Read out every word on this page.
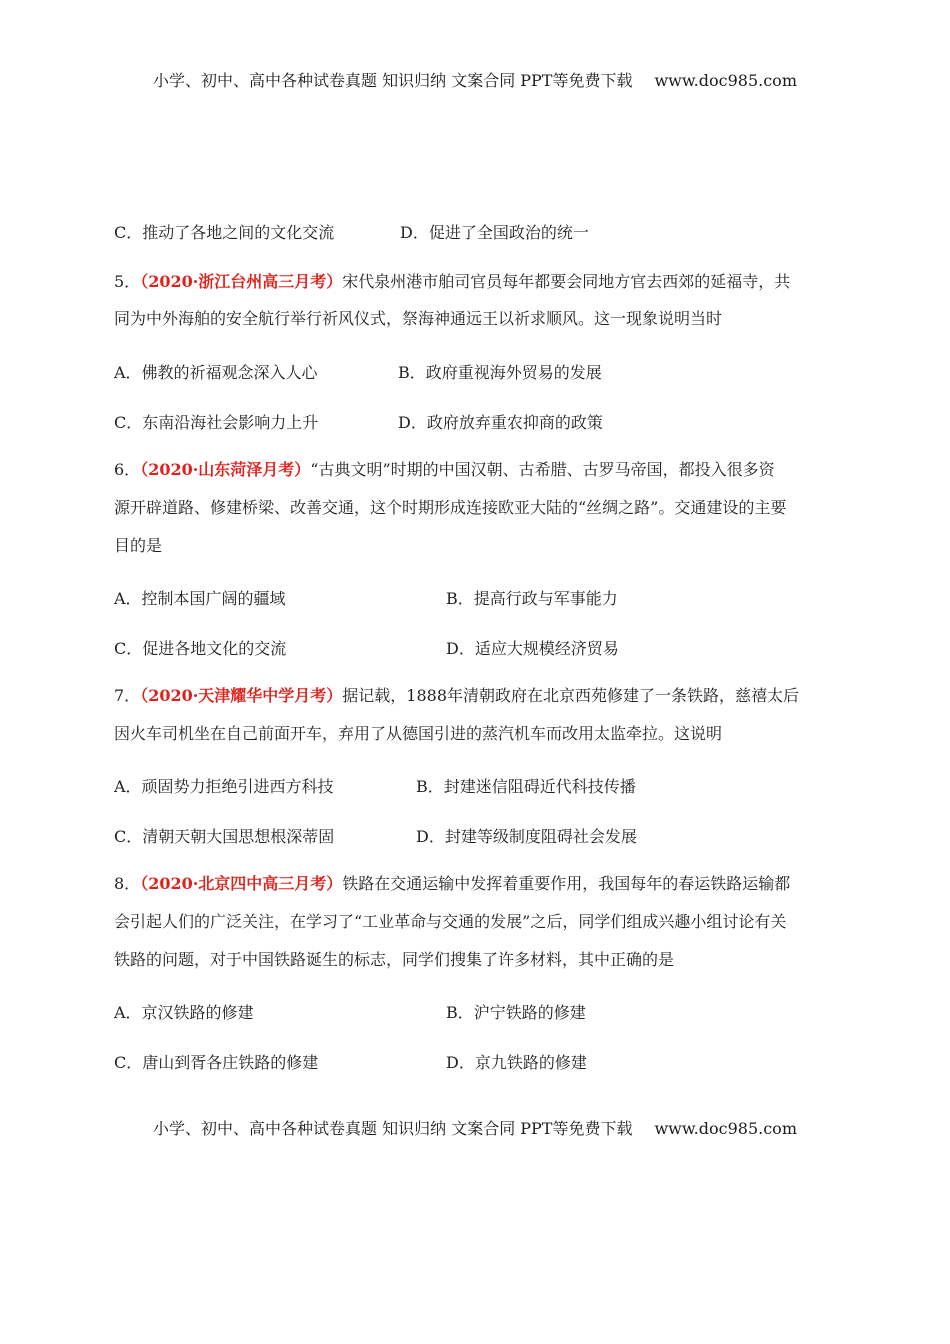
小学、初中、高中各种试卷真题 知识归纳 文案合同 PPT等免费下载 www.doc985.com
C．推动了各地之间的文化交流	D．促进了全国政治的统一
5．（2020·浙江台州高三月考）宋代泉州港市舶司官员每年都要会同地方官去西郊的延福寺，共
同为中外海舶的安全航行举行祈风仪式，祭海神通远王以祈求顺风。这一现象说明当时
A．佛教的祈福观念深入人心	B．政府重视海外贸易的发展
C．东南沿海社会影响力上升	D．政府放弃重农抑商的政策
6．（2020·山东菏泽月考）“古典文明”时期的中国汉朝、古希腊、古罗马帝国，都投入很多资
源开辟道路、修建桥梁、改善交通，这个时期形成连接欧亚大陆的“丝绸之路”。交通建设的主要
目的是
A．控制本国广阔的疆域	B．提高行政与军事能力
C．促进各地文化的交流	D．适应大规模经济贸易
7．（2020·天津耀华中学月考）据记载，1888年清朝政府在北京西苑修建了一条铁路，慈禧太后
因火车司机坐在自己前面开车，弃用了从德国引进的蒸汽机车而改用太监牵拉。这说明
A．顽固势力拒绝引进西方科技	B．封建迷信阻碍近代科技传播
C．清朝天朝大国思想根深蒂固	D．封建等级制度阻碍社会发展
8．（2020·北京四中高三月考）铁路在交通运输中发挥着重要作用，我国每年的春运铁路运输都
会引起人们的广泛关注，在学习了“工业革命与交通的发展”之后，同学们组成兴趣小组讨论有关
铁路的问题，对于中国铁路诞生的标志，同学们搜集了许多材料，其中正确的是
A．京汉铁路的修建	B．沪宁铁路的修建
C．唐山到胥各庄铁路的修建	D．京九铁路的修建
小学、初中、高中各种试卷真题 知识归纳 文案合同 PPT等免费下载 www.doc985.com
